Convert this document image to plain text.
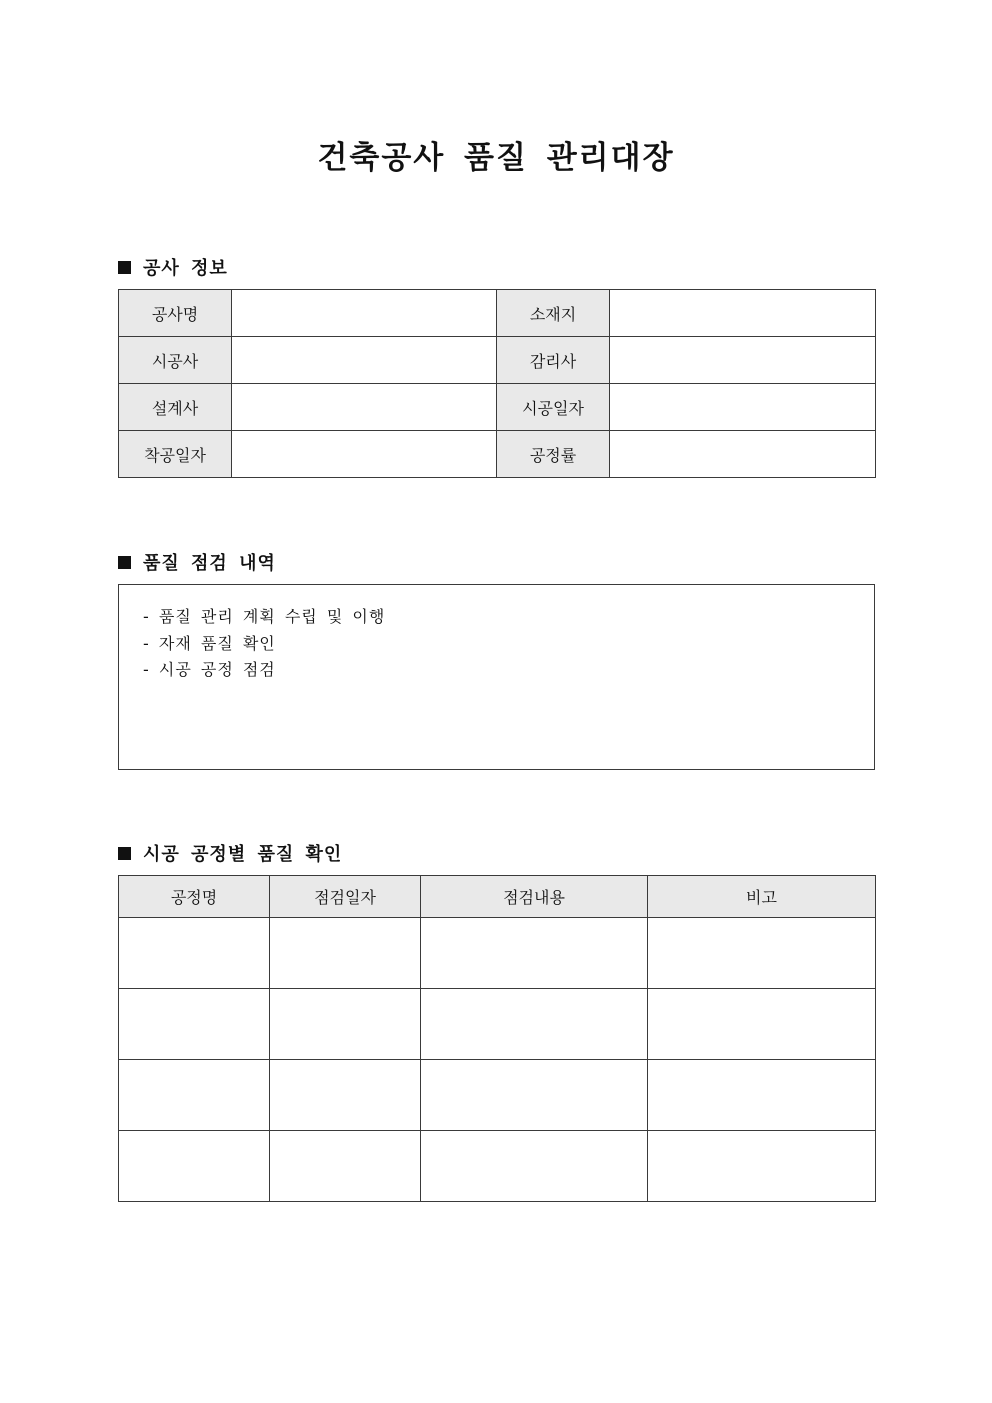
건축공사 품질 관리대장
공사 정보
공사명		소재지	
시공사		감리사	
설계사		시공일자	
착공일자		공정률	
품질 점검 내역
- 품질 관리 계획 수립 및 이행
- 자재 품질 확인
- 시공 공정 점검
시공 공정별 품질 확인
공정명	점검일자	점검내용	비고
